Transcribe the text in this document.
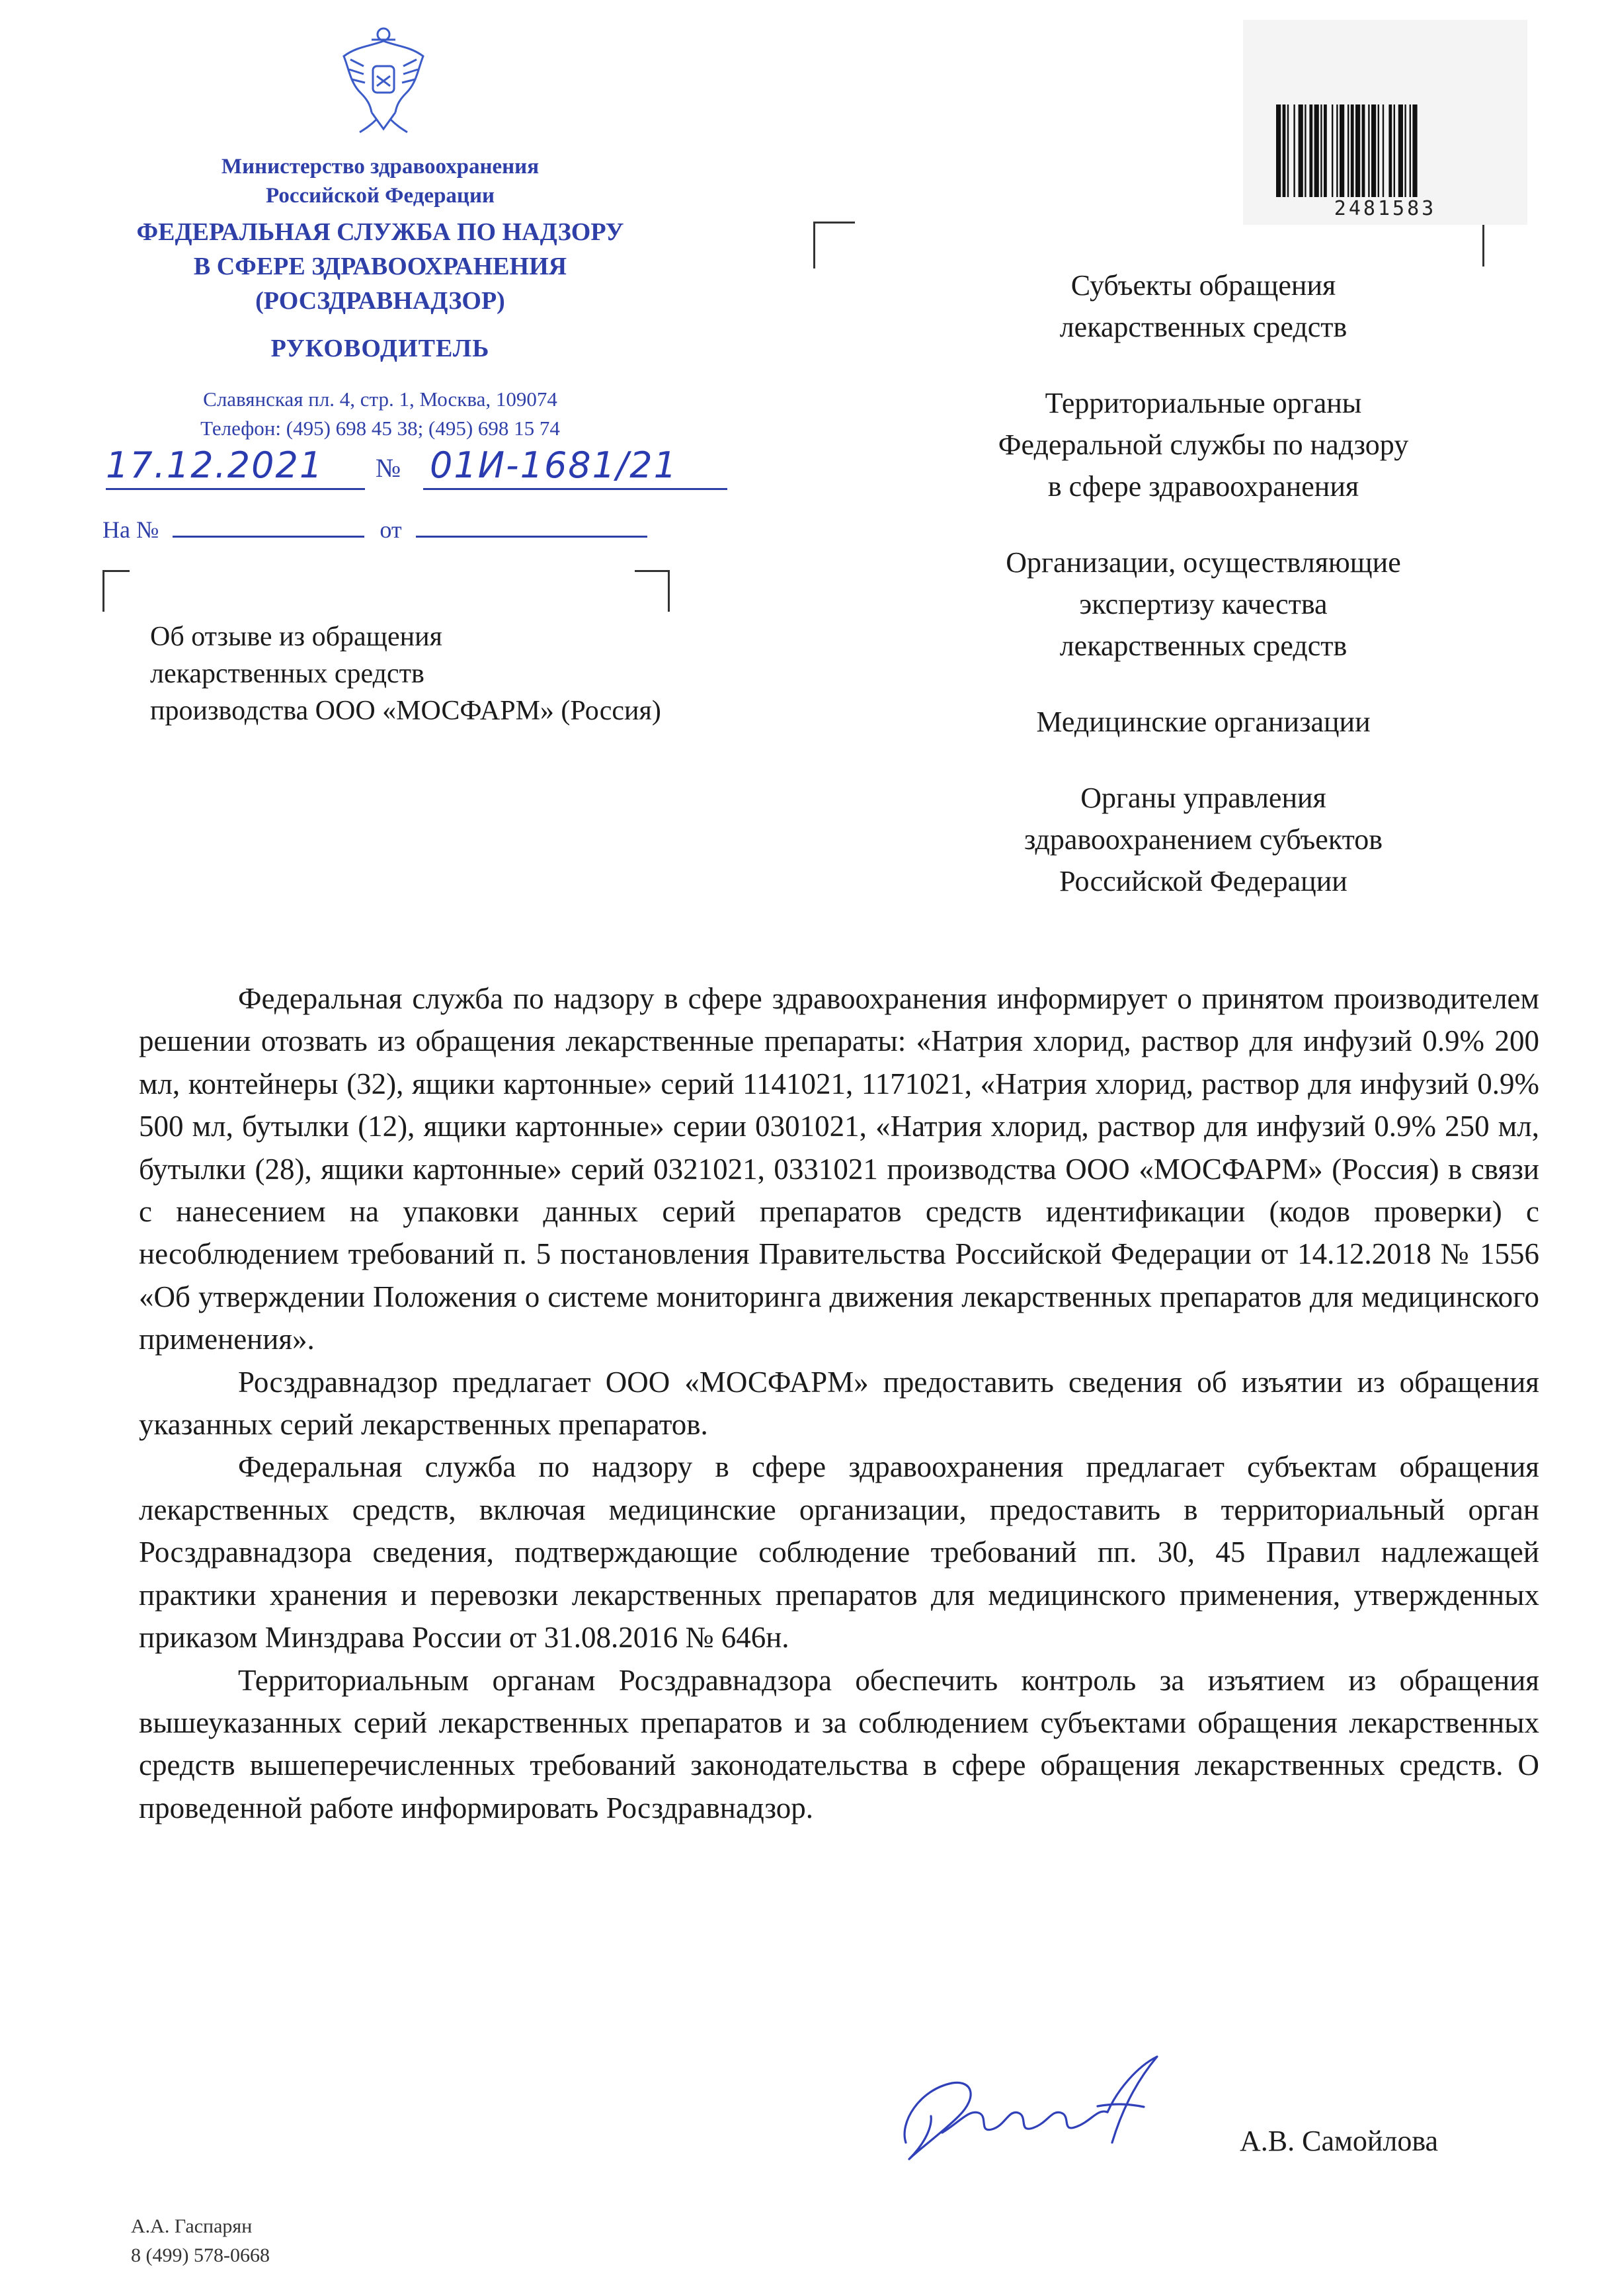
Министерство здравоохранения
Российской Федерации
ФЕДЕРАЛЬНАЯ СЛУЖБА ПО НАДЗОРУ
В СФЕРЕ ЗДРАВООХРАНЕНИЯ
(РОСЗДРАВНАДЗОР)
РУКОВОДИТЕЛЬ
Славянская пл. 4, стр. 1, Москва, 109074
Телефон: (495) 698 45 38; (495) 698 15 74
17.12.2021 № 01И-1681/21
На №	от
Об отзыве из обращения
лекарственных средств
производства ООО «МОСФАРМ» (Россия)
2481583
Субъекты обращения
лекарственных средств
Территориальные органы
Федеральной службы по надзору
в сфере здравоохранения
Организации, осуществляющие
экспертизу качества
лекарственных средств
Медицинские организации
Органы управления
здравоохранением субъектов
Российской Федерации

Федеральная служба по надзору в сфере здравоохранения информирует о принятом производителем решении отозвать из обращения лекарственные препараты: «Натрия хлорид, раствор для инфузий 0.9% 200 мл, контейнеры (32), ящики картонные» серий 1141021, 1171021, «Натрия хлорид, раствор для инфузий 0.9% 500 мл, бутылки (12), ящики картонные» серии 0301021, «Натрия хлорид, раствор для инфузий 0.9% 250 мл, бутылки (28), ящики картонные» серий 0321021, 0331021 производства ООО «МОСФАРМ» (Россия) в связи с нанесением на упаковки данных серий препаратов средств идентификации (кодов проверки) с несоблюдением требований п. 5 постановления Правительства Российской Федерации от 14.12.2018 № 1556 «Об утверждении Положения о системе мониторинга движения лекарственных препаратов для медицинского применения».

Росздравнадзор предлагает ООО «МОСФАРМ» предоставить сведения об изъятии из обращения указанных серий лекарственных препаратов.

Федеральная служба по надзору в сфере здравоохранения предлагает субъектам обращения лекарственных средств, включая медицинские организации, предоставить в территориальный орган Росздравнадзора сведения, подтверждающие соблюдение требований пп. 30, 45 Правил надлежащей практики хранения и перевозки лекарственных препаратов для медицинского применения, утвержденных приказом Минздрава России от 31.08.2016 № 646н.

Территориальным органам Росздравнадзора обеспечить контроль за изъятием из обращения вышеуказанных серий лекарственных препаратов и за соблюдением субъектами обращения лекарственных средств вышеперечисленных требований законодательства в сфере обращения лекарственных средств. О проведенной работе информировать Росздравнадзор.

А.В. Самойлова
А.А. Гаспарян
8 (499) 578-0668
